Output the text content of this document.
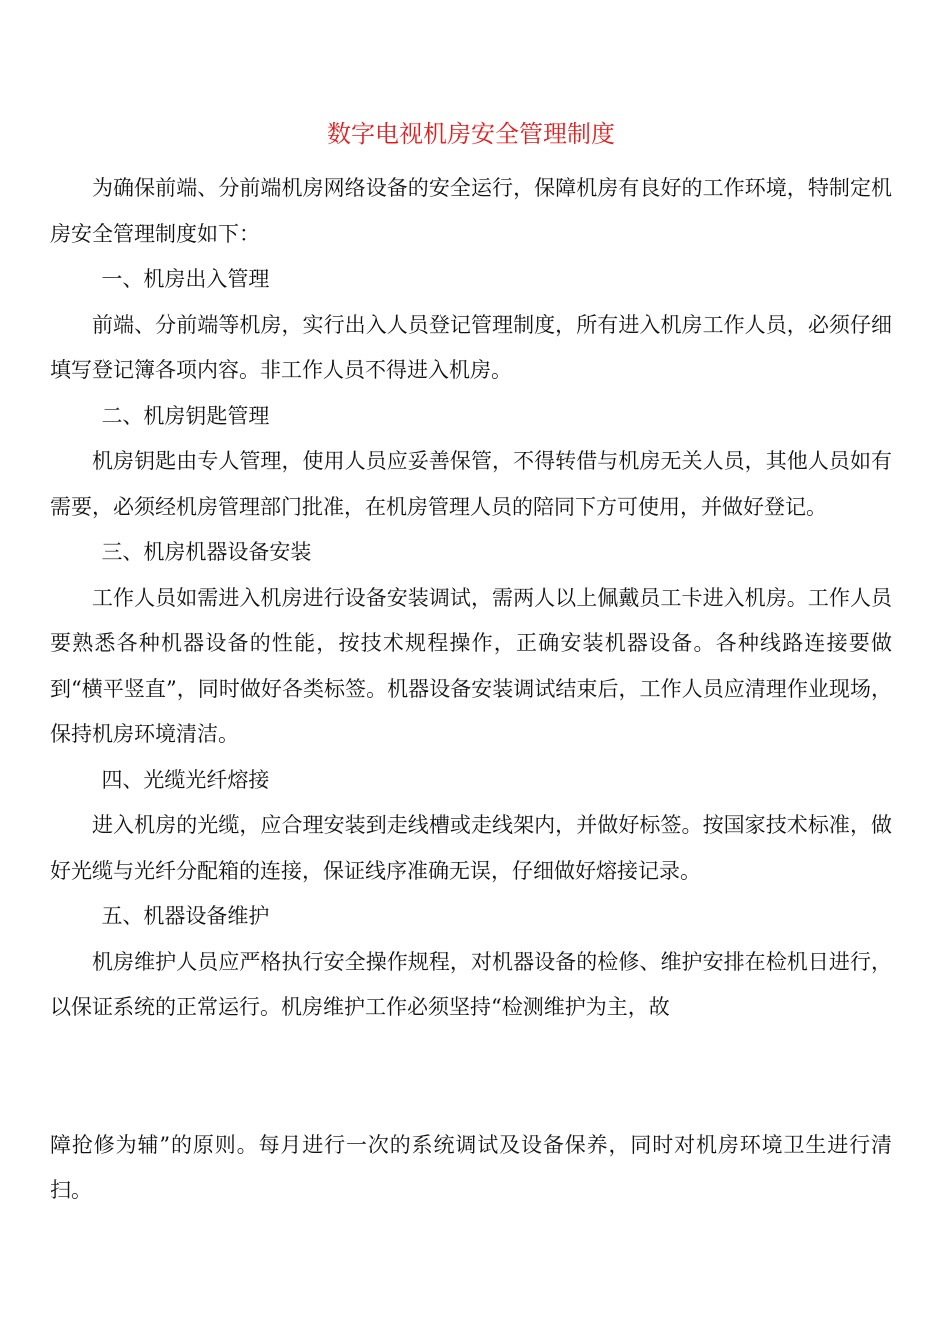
数字电视机房安全管理制度

为确保前端、分前端机房网络设备的安全运行，保障机房有良好的工作环境，特制定机房安全管理制度如下：

一、机房出入管理

前端、分前端等机房，实行出入人员登记管理制度，所有进入机房工作人员，必须仔细填写登记簿各项内容。非工作人员不得进入机房。

二、机房钥匙管理

机房钥匙由专人管理，使用人员应妥善保管，不得转借与机房无关人员，其他人员如有需要，必须经机房管理部门批准，在机房管理人员的陪同下方可使用，并做好登记。

三、机房机器设备安装

工作人员如需进入机房进行设备安装调试，需两人以上佩戴员工卡进入机房。工作人员要熟悉各种机器设备的性能，按技术规程操作，正确安装机器设备。各种线路连接要做到“横平竖直”，同时做好各类标签。机器设备安装调试结束后，工作人员应清理作业现场，保持机房环境清洁。

四、光缆光纤熔接

进入机房的光缆，应合理安装到走线槽或走线架内，并做好标签。按国家技术标准，做好光缆与光纤分配箱的连接，保证线序准确无误，仔细做好熔接记录。

五、机器设备维护

机房维护人员应严格执行安全操作规程，对机器设备的检修、维护安排在检机日进行，以保证系统的正常运行。机房维护工作必须坚持“检测维护为主，故

障抢修为辅”的原则。每月进行一次的系统调试及设备保养，同时对机房环境卫生进行清扫。
